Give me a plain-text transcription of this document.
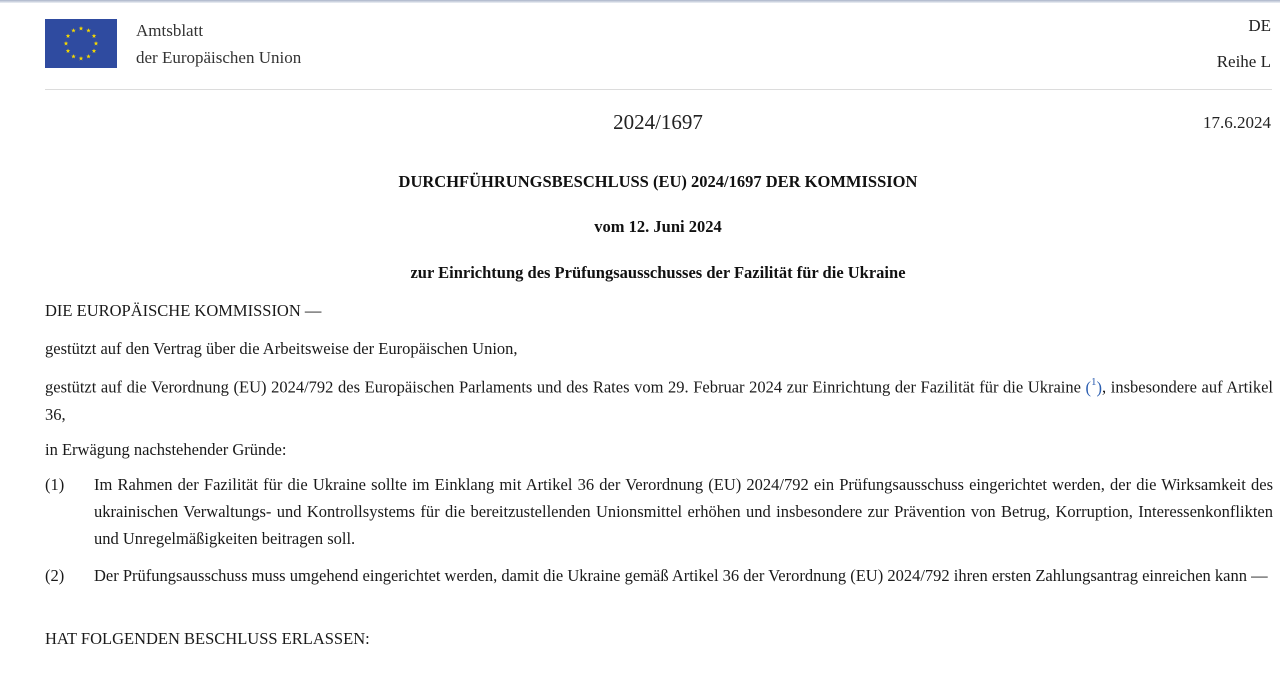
Amtsblatt
der Europäischen Union
DE
Reihe L
2024/1697	17.6.2024
DURCHFÜHRUNGSBESCHLUSS (EU) 2024/1697 DER KOMMISSION
vom 12. Juni 2024
zur Einrichtung des Prüfungsausschusses der Fazilität für die Ukraine
DIE EUROPÄISCHE KOMMISSION —
gestützt auf den Vertrag über die Arbeitsweise der Europäischen Union,
gestützt auf die Verordnung (EU) 2024/792 des Europäischen Parlaments und des Rates vom 29. Februar 2024 zur Einrichtung der Fazilität für die Ukraine ($^1$), insbesondere auf Artikel 36,
in Erwägung nachstehender Gründe:
(1)	Im Rahmen der Fazilität für die Ukraine sollte im Einklang mit Artikel 36 der Verordnung (EU) 2024/792 ein Prüfungsausschuss eingerichtet werden, der die Wirksamkeit des ukrainischen Verwaltungs- und Kontrollsystems für die bereitzustellenden Unionsmittel erhöhen und insbesondere zur Prävention von Betrug, Korruption, Interessenkonflikten und Unregelmäßigkeiten beitragen soll.
(2)	Der Prüfungsausschuss muss umgehend eingerichtet werden, damit die Ukraine gemäß Artikel 36 der Verordnung (EU) 2024/792 ihren ersten Zahlungsantrag einreichen kann —
HAT FOLGENDEN BESCHLUSS ERLASSEN:
